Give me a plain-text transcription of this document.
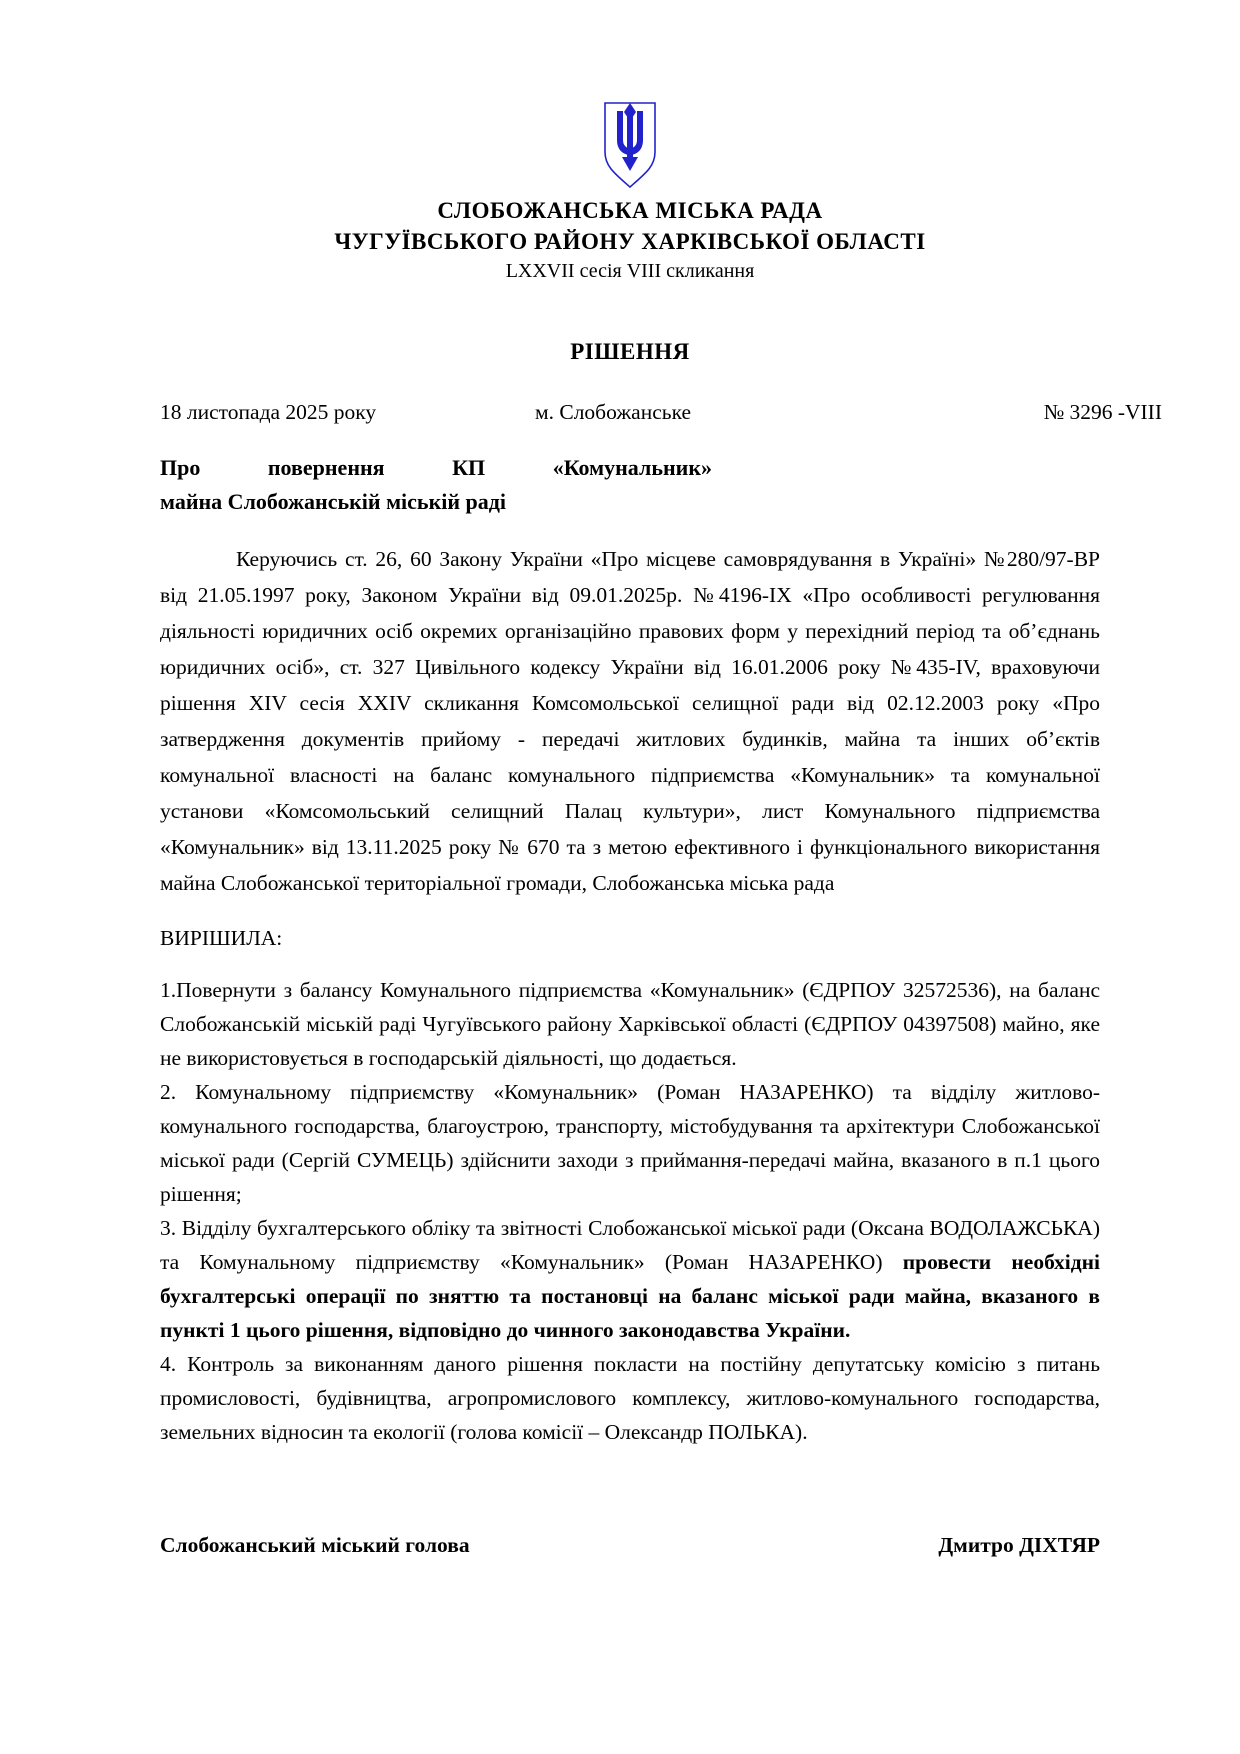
СЛОБОЖАНСЬКА МІСЬКА РАДА
ЧУГУЇВСЬКОГО РАЙОНУ ХАРКІВСЬКОЇ ОБЛАСТІ
LXXVII сесія VIII скликання
РІШЕННЯ
18 листопада 2025 року	м. Слобожанське	№ 3296 -VIII
Про повернення КП «Комунальник»
майна Слобожанській міській раді

Керуючись ст. 26, 60 Закону України «Про місцеве самоврядування в Україні» №280/97-ВР від 21.05.1997 року, Законом України від 09.01.2025р. №4196-IX «Про особливості регулювання діяльності юридичних осіб окремих організаційно правових форм у перехідний період та об’єднань юридичних осіб», ст. 327 Цивільного кодексу України від 16.01.2006 року №435-IV, враховуючи рішення XIV сесія XXIV скликання Комсомольської селищної ради від 02.12.2003 року «Про затвердження документів прийому - передачі житлових будинків, майна та інших об’єктів комунальної власності на баланс комунального підприємства «Комунальник» та комунальної установи «Комсомольський селищний Палац культури», лист Комунального підприємства «Комунальник» від 13.11.2025 року № 670 та з метою ефективного і функціонального використання майна Слобожанської територіальної громади, Слобожанська міська рада

ВИРІШИЛА:

1.Повернути з балансу Комунального підприємства «Комунальник» (ЄДРПОУ 32572536), на баланс Слобожанській міській раді Чугуївського району Харківської області (ЄДРПОУ 04397508) майно, яке не використовується в господарській діяльності, що додається.

2. Комунальному підприємству «Комунальник» (Роман НАЗАРЕНКО) та відділу житлово-комунального господарства, благоустрою, транспорту, містобудування та архітектури Слобожанської міської ради (Сергій СУМЕЦЬ) здійснити заходи з приймання-передачі майна, вказаного в п.1 цього рішення;

3. Відділу бухгалтерського обліку та звітності Слобожанської міської ради (Оксана ВОДОЛАЖСЬКА) та Комунальному підприємству «Комунальник» (Роман НАЗАРЕНКО) провести необхідні бухгалтерські операції по зняттю та постановці на баланс міської ради майна, вказаного в пункті 1 цього рішення, відповідно до чинного законодавства України.

4. Контроль за виконанням даного рішення покласти на постійну депутатську комісію з питань промисловості, будівництва, агропромислового комплексу, житлово-комунального господарства, земельних відносин та екології (голова комісії – Олександр ПОЛЬКА).

Слобожанський міський голова	Дмитро ДІХТЯР
